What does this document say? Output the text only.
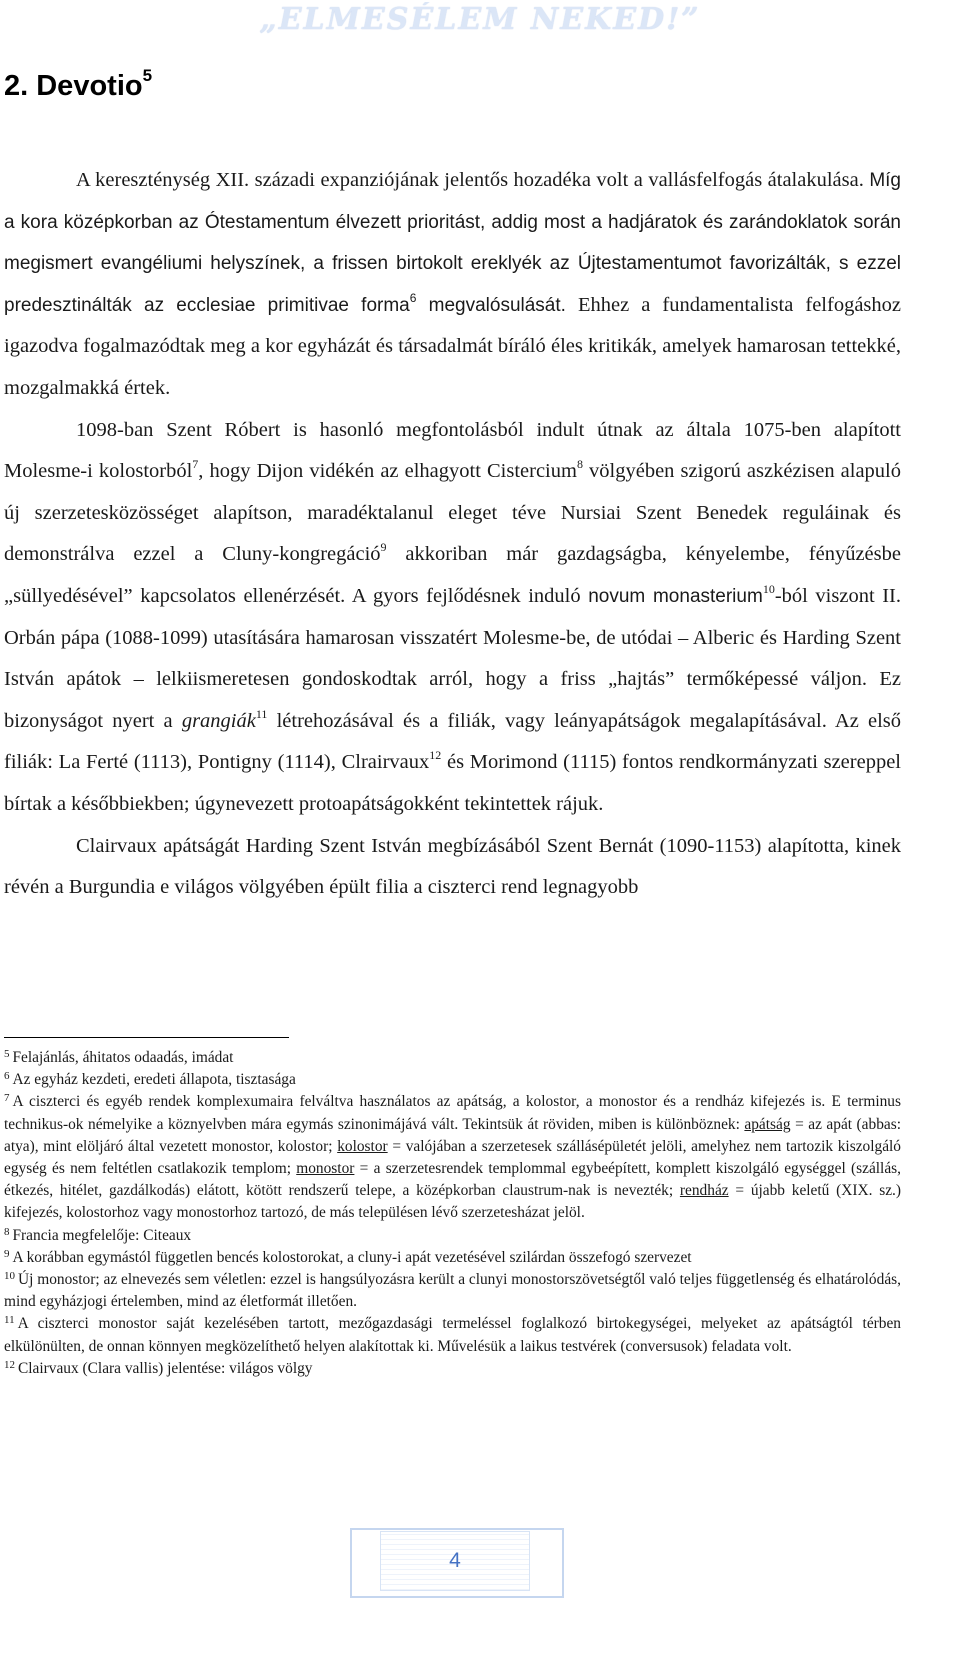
„ELMESÉLEM NEKED!”
2. Devotio$^5$

A kereszténység XII. századi expanziójának jelentős hozadéka volt a vallásfelfogás átalakulása. Míg a kora középkorban az Ótestamentum élvezett prioritást, addig most a hadjáratok és zarándoklatok során megismert evangéliumi helyszínek, a frissen birtokolt ereklyék az Újtestamentumot favorizálták, s ezzel predesztinálták az ecclesiae primitivae forma$^6$ megvalósulását. Ehhez a fundamentalista felfogáshoz igazodva fogalmazódtak meg a kor egyházát és társadalmát bíráló éles kritikák, amelyek hamarosan tettekké, mozgalmakká értek.

1098-ban Szent Róbert is hasonló megfontolásból indult útnak az általa 1075-ben alapított Molesme-i kolostorból$^7$, hogy Dijon vidékén az elhagyott Cistercium$^8$ völgyében szigorú aszkézisen alapuló új szerzetesközösséget alapítson, maradéktalanul eleget téve Nursiai Szent Benedek reguláinak és demonstrálva ezzel a Cluny-kongregáció$^9$ akkoriban már gazdagságba, kényelembe, fényűzésbe „süllyedésével” kapcsolatos ellenérzését. A gyors fejlődésnek induló novum monasterium$^{10}$-ból viszont II. Orbán pápa (1088-1099) utasítására hamarosan visszatért Molesme-be, de utódai – Alberic és Harding Szent István apátok – lelkiismeretesen gondoskodtak arról, hogy a friss „hajtás” termőképessé váljon. Ez bizonyságot nyert a grangiák$^{11}$ létrehozásával és a filiák, vagy leányapátságok megalapításával. Az első filiák: La Ferté (1113), Pontigny (1114), Clrairvaux$^{12}$ és Morimond (1115) fontos rendkormányzati szereppel bírtak a későbbiekben; úgynevezett protoapátságokként tekintettek rájuk.

Clairvaux apátságát Harding Szent István megbízásából Szent Bernát (1090-1153) alapította, kinek révén a Burgundia e világos völgyében épült filia a ciszterci rend legnagyobb

$^5$ Felajánlás, áhitatos odaadás, imádat

$^6$ Az egyház kezdeti, eredeti állapota, tisztasága

$^7$ A ciszterci és egyéb rendek komplexumaira felváltva használatos az apátság, a kolostor, a monostor és a rendház kifejezés is. E terminus technikus-ok némelyike a köznyelvben mára egymás szinonimájává vált. Tekintsük át röviden, miben is különböznek: apátság = az apát (abbas: atya), mint elöljáró által vezetett monostor, kolostor; kolostor = valójában a szerzetesek szállásépületét jelöli, amelyhez nem tartozik kiszolgáló egység és nem feltétlen csatlakozik templom; monostor = a szerzetesrendek templommal egybeépített, komplett kiszolgáló egységgel (szállás, étkezés, hitélet, gazdálkodás) elátott, kötött rendszerű telepe, a középkorban claustrum-nak is nevezték; rendház = újabb keletű (XIX. sz.) kifejezés, kolostorhoz vagy monostorhoz tartozó, de más településen lévő szerzetesházat jelöl.

$^8$ Francia megfelelője: Citeaux

$^9$ A korábban egymástól független bencés kolostorokat, a cluny-i apát vezetésével szilárdan összefogó szervezet

$^{10}$ Új monostor; az elnevezés sem véletlen: ezzel is hangsúlyozásra került a clunyi monostorszövetségtől való teljes függetlenség és elhatárolódás, mind egyházjogi értelemben, mind az életformát illetően.

$^{11}$ A ciszterci monostor saját kezelésében tartott, mezőgazdasági termeléssel foglalkozó birtokegységei, melyeket az apátságtól térben elkülönülten, de onnan könnyen megközelíthető helyen alakítottak ki. Művelésük a laikus testvérek (conversusok) feladata volt.

$^{12}$ Clairvaux (Clara vallis) jelentése: világos völgy

4
